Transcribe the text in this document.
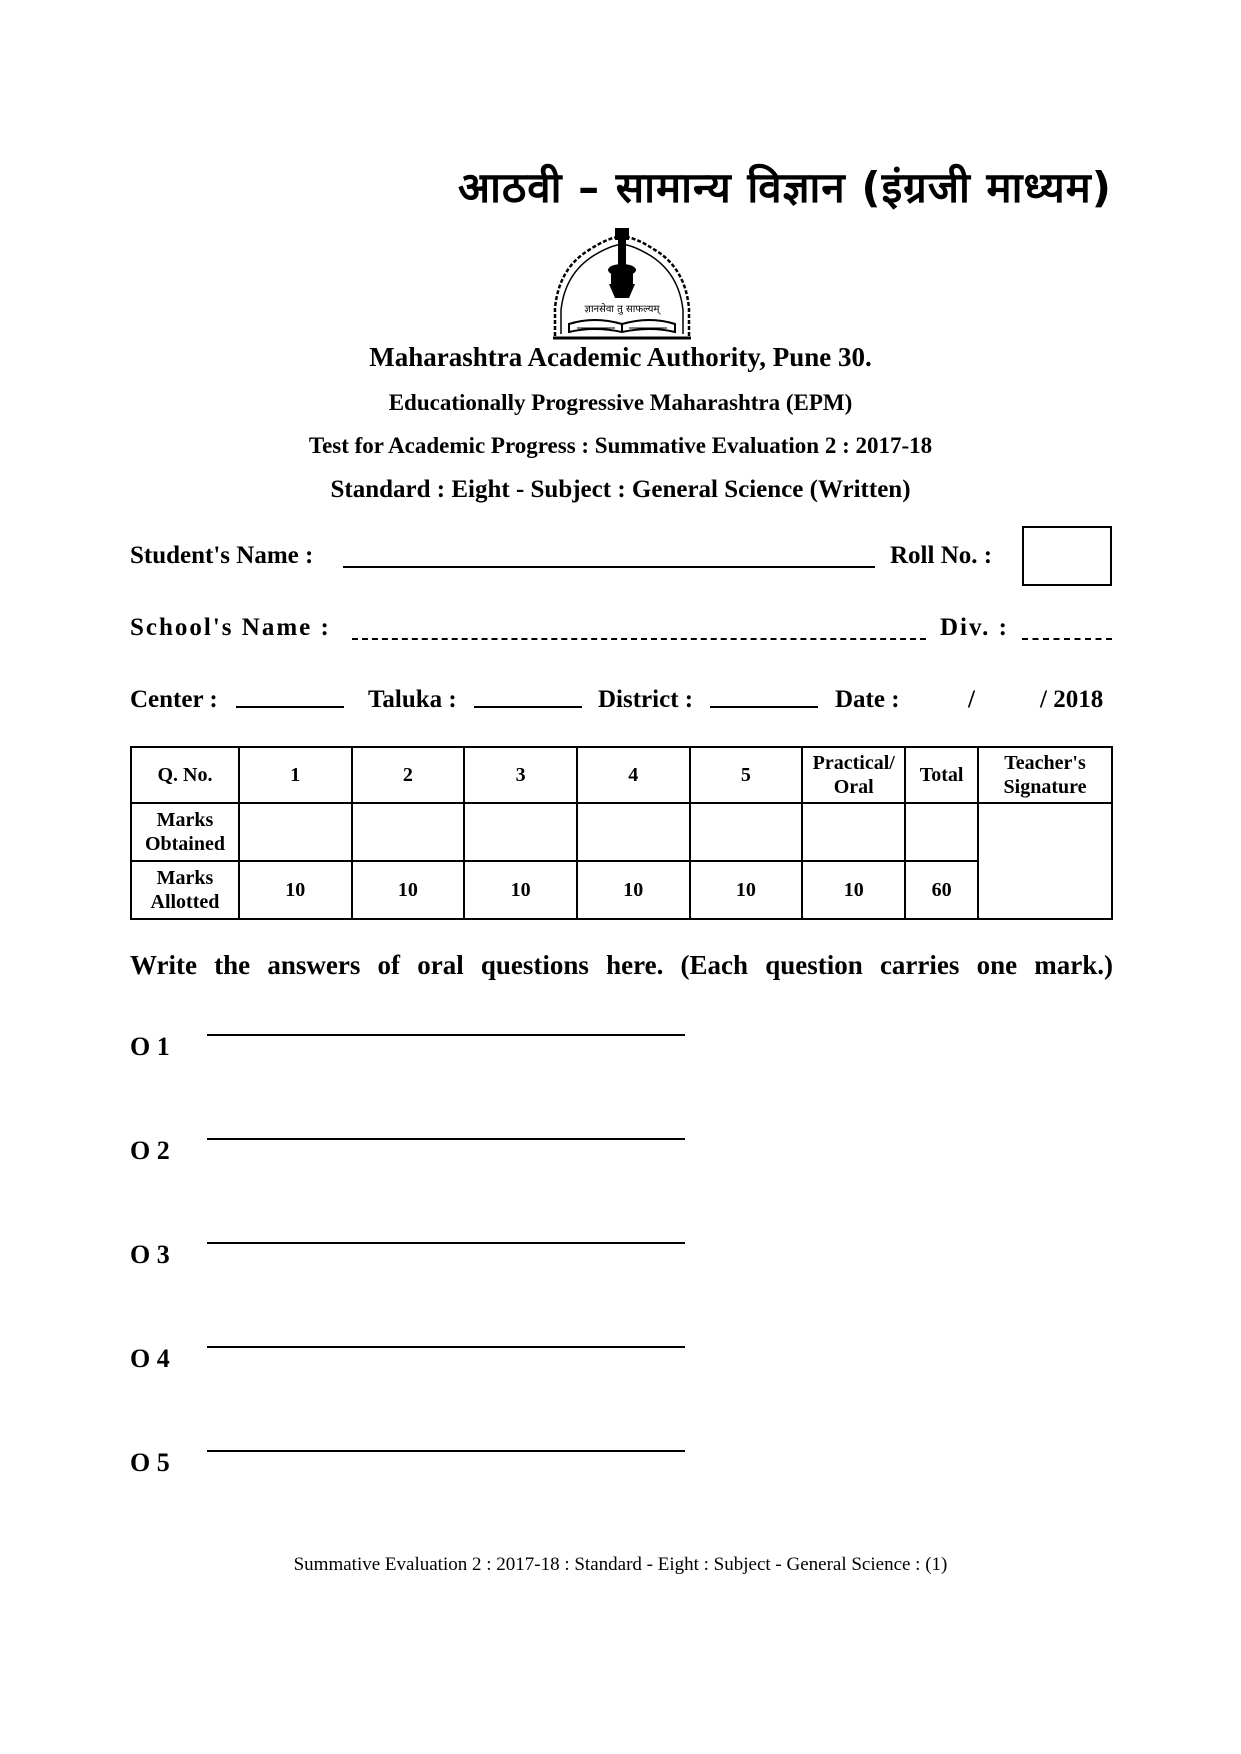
आठवी – सामान्य विज्ञान (इंग्रजी माध्यम)
ज्ञानसेवा तु साफल्यम्
Maharashtra Academic Authority, Pune 30.
Educationally Progressive Maharashtra (EPM)
Test for Academic Progress : Summative Evaluation 2 : 2017-18
Standard : Eight - Subject : General Science (Written)
Student's Name :	Roll No. :
School's Name :	Div. :
Center :	Taluka :	District :	Date :	/	/ 2018
Q. No.	1	2	3	4	5	Practical/ Oral	Total	Teacher's Signature
Marks Obtained								
Marks Allotted	10	10	10	10	10	10	60	
Write the answers of oral questions here. (Each question carries one mark.)
O 1
O 2
O 3
O 4
O 5
Summative Evaluation 2 : 2017-18 : Standard - Eight : Subject - General Science : (1)
